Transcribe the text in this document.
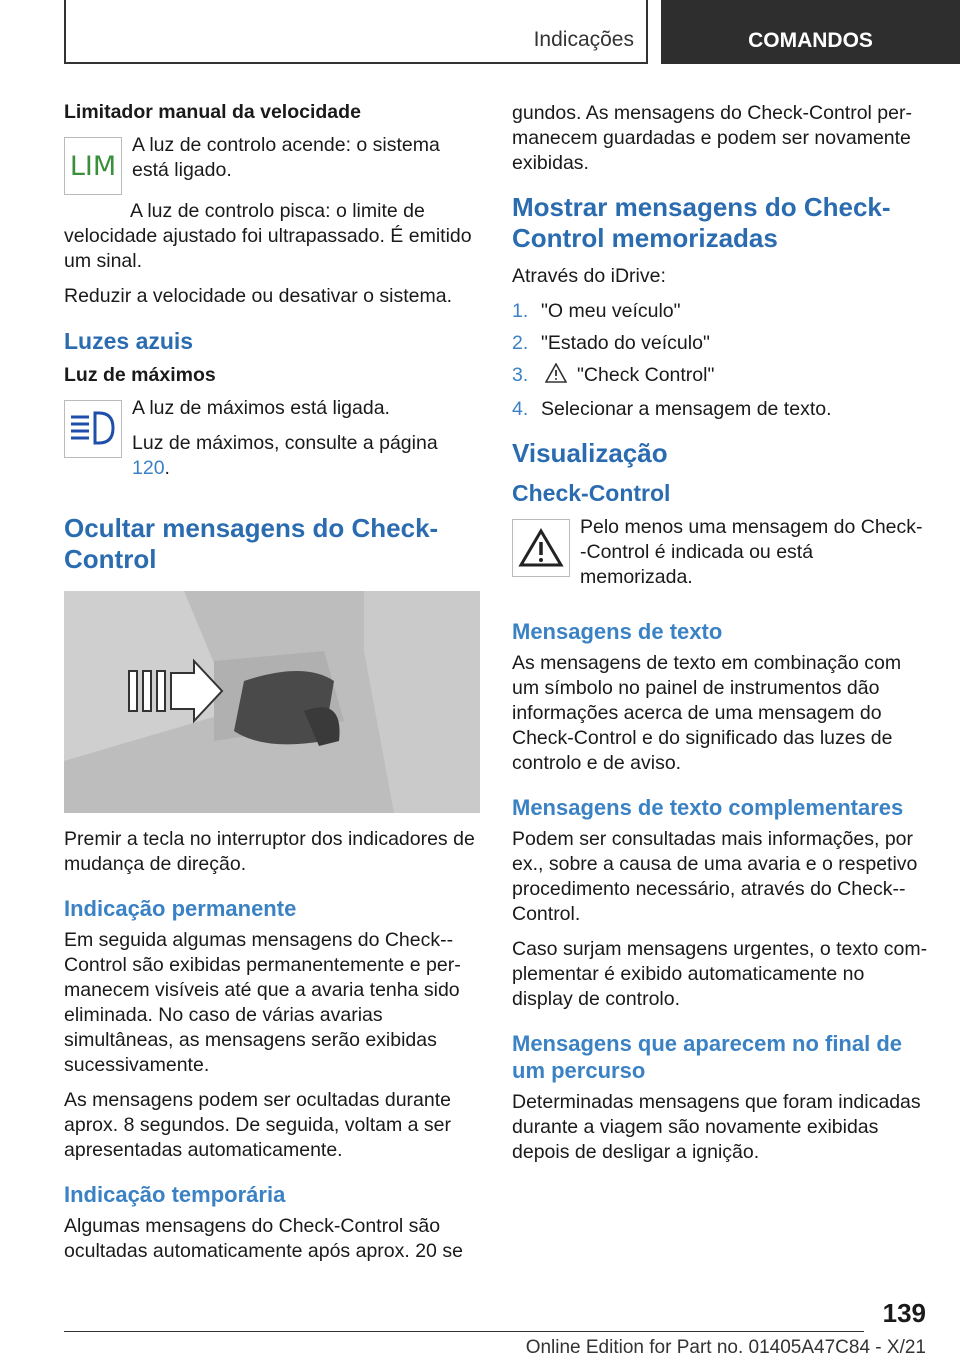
Indicações	COMANDOS
Limitador manual da velocidade
LIM

A luz de controlo acende: o sistema está ligado.

A luz de controlo pisca: o limite de velocidade ajustado foi ultrapassado. É emitido um sinal.

Reduzir a velocidade ou desativar o sistema.

Luzes azuis
Luz de máximos

A luz de máximos está ligada.

Luz de máximos, consulte a página 120.

Ocultar mensagens do Check-Control

Premir a tecla no interruptor dos indicadores de mudança de direção.

Indicação permanente

Em seguida algumas mensagens do Check--Control são exibidas permanentemente e permanecem visíveis até que a avaria tenha sido eliminada. No caso de várias avarias simultâneas, as mensagens serão exibidas sucessivamente.

As mensagens podem ser ocultadas durante aprox. 8 segundos. De seguida, voltam a ser apresentadas automaticamente.

Indicação temporária

Algumas mensagens do Check-Control são ocultadas automaticamente após aprox. 20 se

gundos. As mensagens do Check-Control permanecem guardadas e podem ser novamente exibidas.

Mostrar mensagens do Check-Control memorizadas

Através do iDrive:

1. "O meu veículo"
2. "Estado do veículo"
3.	"Check Control"
4. Selecionar a mensagem de texto.
Visualização
Check-Control

Pelo menos uma mensagem do Check--Control é indicada ou está memorizada.

Mensagens de texto

As mensagens de texto em combinação com um símbolo no painel de instrumentos dão informações acerca de uma mensagem do Check-Control e do significado das luzes de controlo e de aviso.

Mensagens de texto complementares

Podem ser consultadas mais informações, por ex., sobre a causa de uma avaria e o respetivo procedimento necessário, através do Check--Control.

Caso surjam mensagens urgentes, o texto complementar é exibido automaticamente no display de controlo.

Mensagens que aparecem no final de um percurso

Determinadas mensagens que foram indicadas durante a viagem são novamente exibidas depois de desligar a ignição.

139
Online Edition for Part no. 01405A47C84 - X/21
